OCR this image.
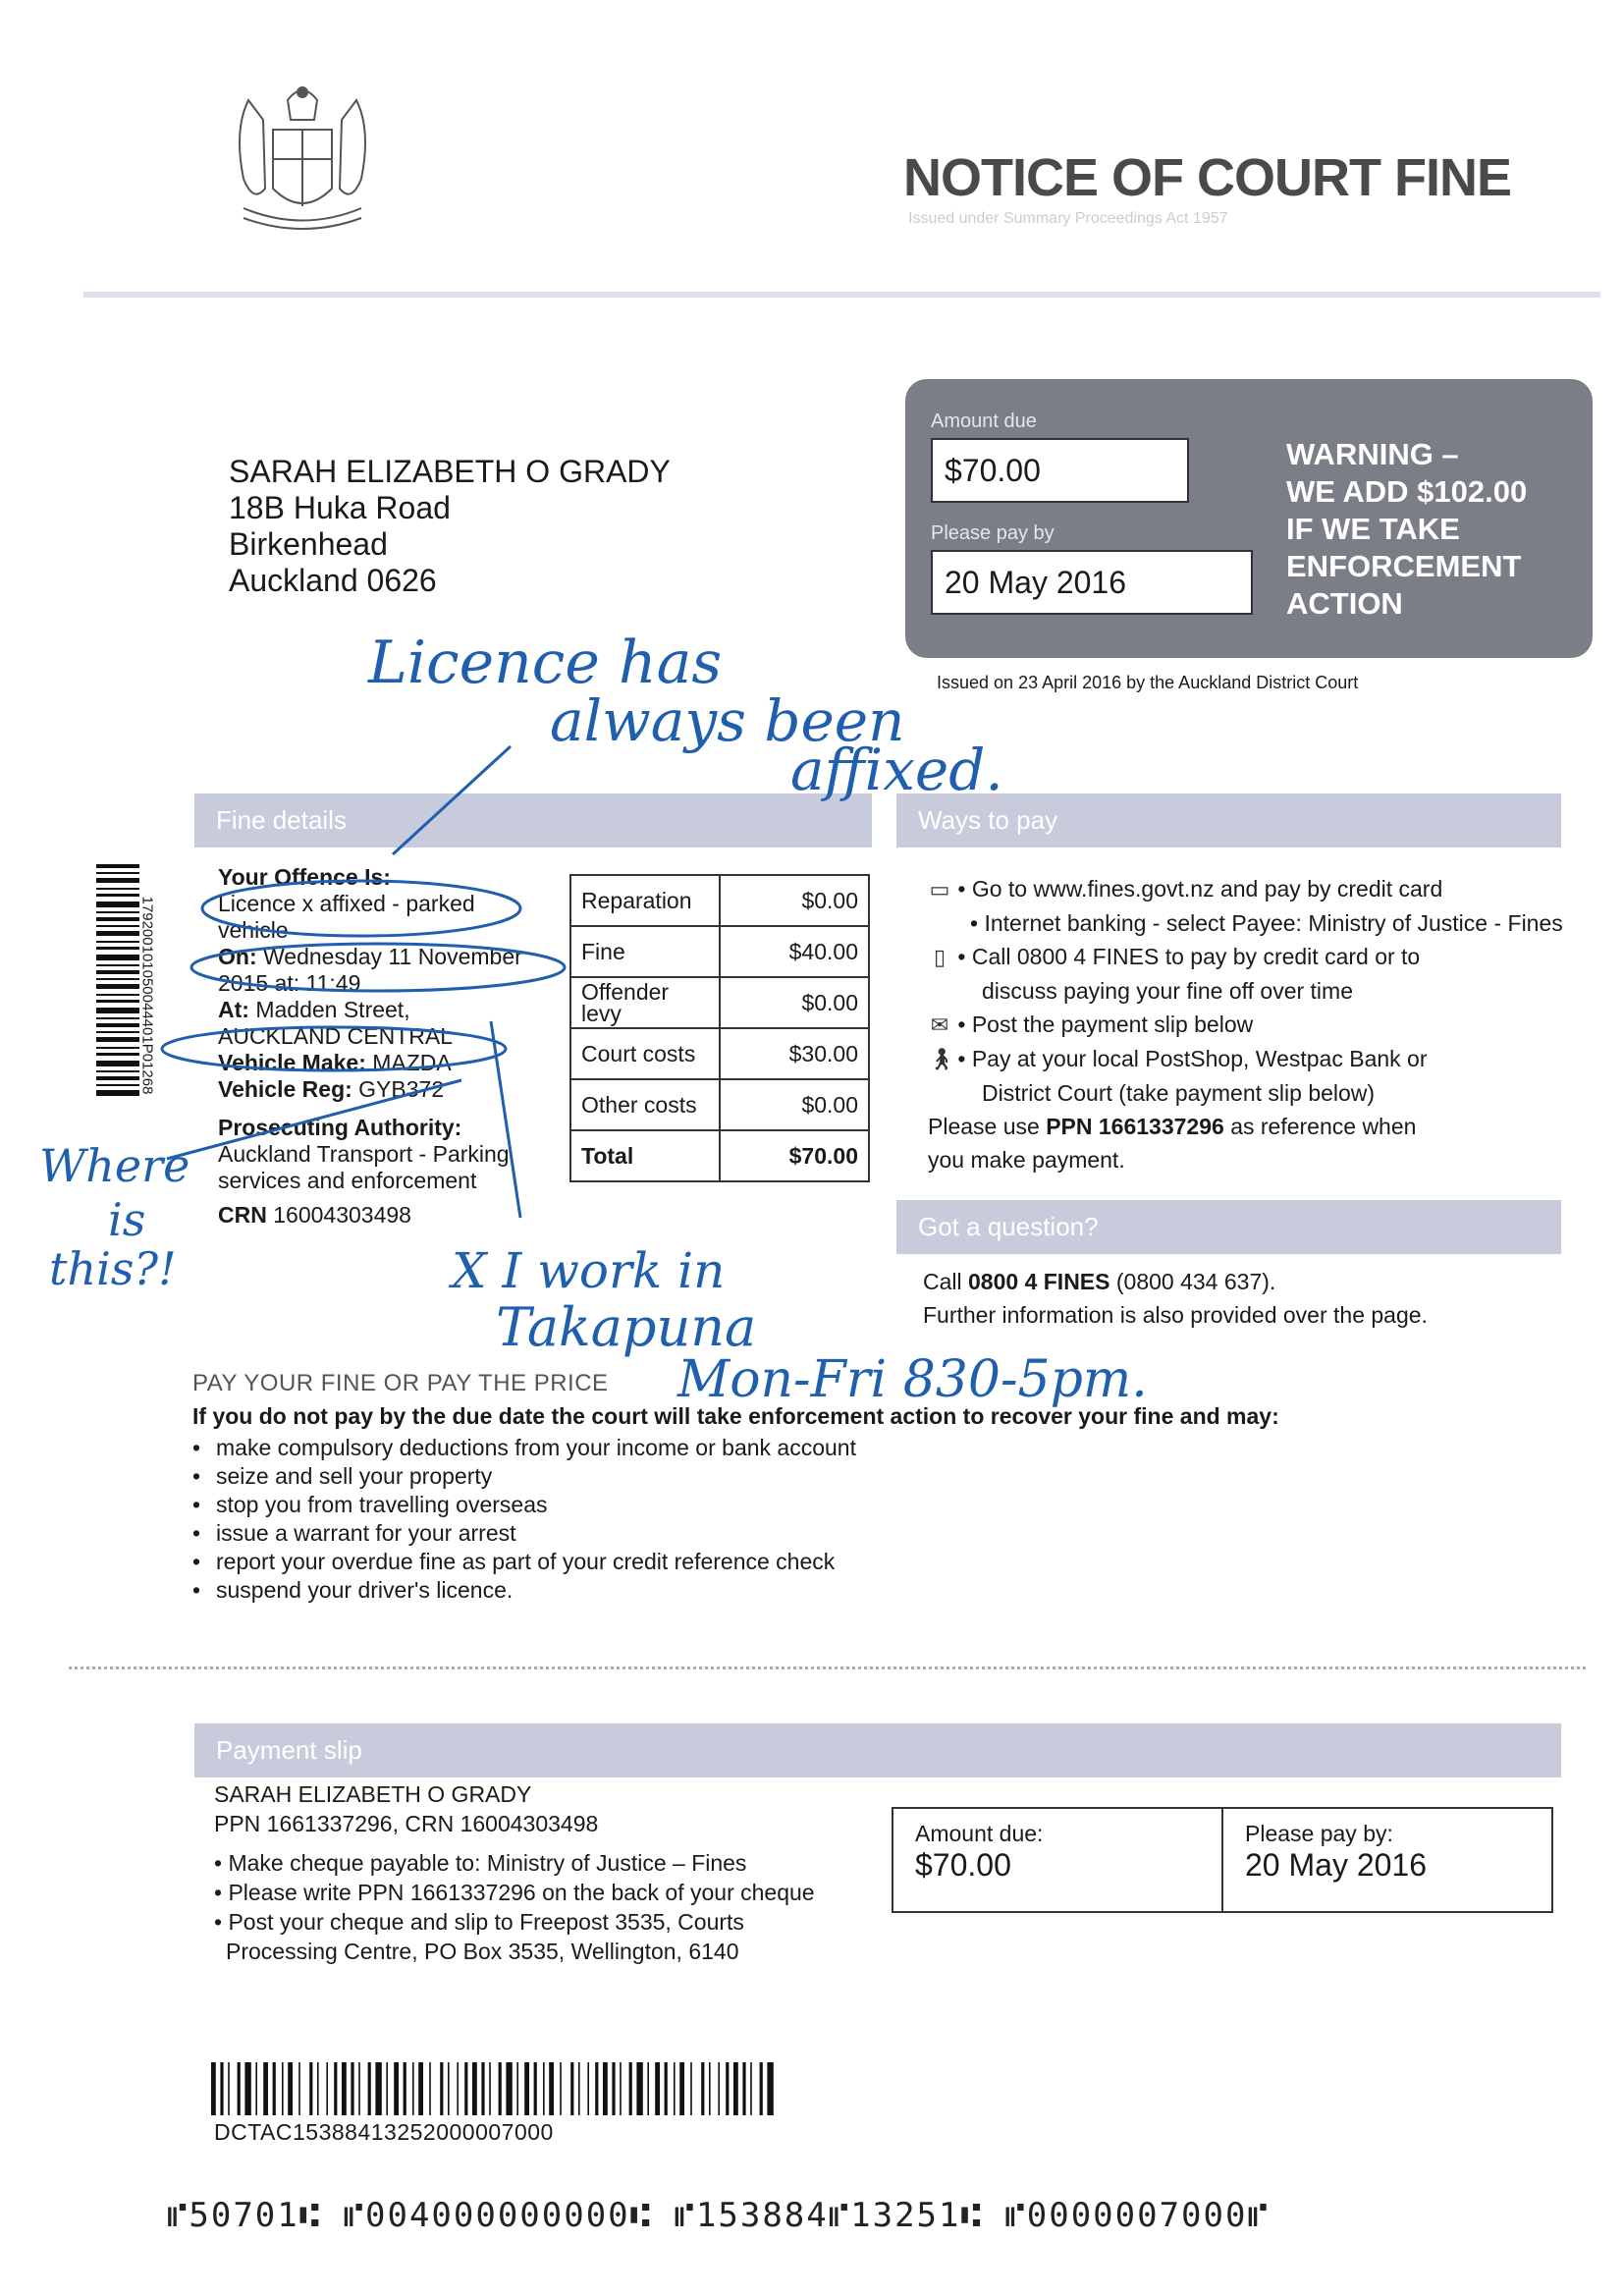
NOTICE OF COURT FINE
Issued under Summary Proceedings Act 1957
SARAH ELIZABETH O GRADY
18B Huka Road
Birkenhead
Auckland 0626
Amount due
$70.00
Please pay by
20 May 2016
WARNING –
WE ADD $102.00
IF WE TAKE
ENFORCEMENT
ACTION
Issued on 23 April 2016 by the Auckland District Court
Fine details	Ways to pay
Got a question?
Payment slip
179200101050044401P01268
Your Offence Is:
Licence x affixed - parked
vehicle
On: Wednesday 11 November
2015 at: 11:49
At: Madden Street,
AUCKLAND CENTRAL
Vehicle Make: MAZDA
Vehicle Reg: GYB372
Prosecuting Authority:
Auckland Transport - Parking
services and enforcement
CRN 16004303498
Reparation	$0.00
Fine	$40.00
Offender levy	$0.00
Court costs	$30.00
Other costs	$0.00
Total	$70.00
▭ • Go to www.fines.govt.nz and pay by credit card
• Internet banking - select Payee: Ministry of Justice - Fines
▯ • Call 0800 4 FINES to pay by credit card or to
discuss paying your fine off over time
✉ • Post the payment slip below
🚶︎ • Pay at your local PostShop, Westpac Bank or
District Court (take payment slip below)
Please use PPN 1661337296 as reference when
you make payment.
Call 0800 4 FINES (0800 434 637).
Further information is also provided over the page.
PAY YOUR FINE OR PAY THE PRICE
If you do not pay by the due date the court will take enforcement action to recover your fine and may:
• make compulsory deductions from your income or bank account
• seize and sell your property
• stop you from travelling overseas
• issue a warrant for your arrest
• report your overdue fine as part of your credit reference check
• suspend your driver's licence.
SARAH ELIZABETH O GRADY
PPN 1661337296, CRN 16004303498
• Make cheque payable to: Ministry of Justice – Fines
• Please write PPN 1661337296 on the back of your cheque
• Post your cheque and slip to Freepost 3535, Courts
Processing Centre, PO Box 3535, Wellington, 6140
Amount due:
$70.00
Please pay by:
20 May 2016
DCTAC15388413252000007000
⑈50701⑆ ⑈004000000000⑆ ⑈153884⑈13251⑆ ⑈0000007000⑈
Licence has
always been
affixed.
Where
is
this?!	X I work in
Takapuna
Mon-Fri 830-5pm.
